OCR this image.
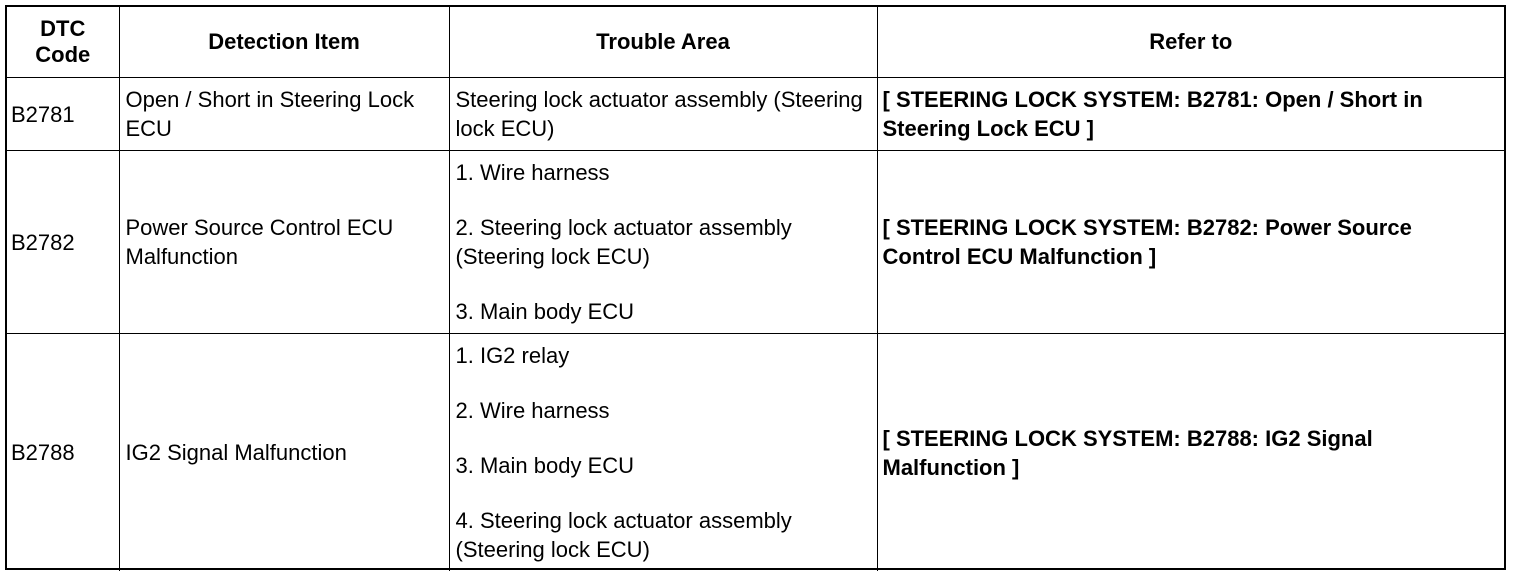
DTC
Code	Detection Item	Trouble Area	Refer to
B2781	Open / Short in Steering Lock ECU	Steering lock actuator assembly (Steering lock ECU)	[ STEERING LOCK SYSTEM: B2781: Open / Short in Steering Lock ECU ]
B2782	Power Source Control ECU Malfunction	1. Wire harness
2. Steering lock actuator assembly (Steering lock ECU)
3. Main body ECU	[ STEERING LOCK SYSTEM: B2782: Power Source Control ECU Malfunction ]
B2788	IG2 Signal Malfunction	1. IG2 relay
2. Wire harness
3. Main body ECU
4. Steering lock actuator assembly (Steering lock ECU)	[ STEERING LOCK SYSTEM: B2788: IG2 Signal Malfunction ]
